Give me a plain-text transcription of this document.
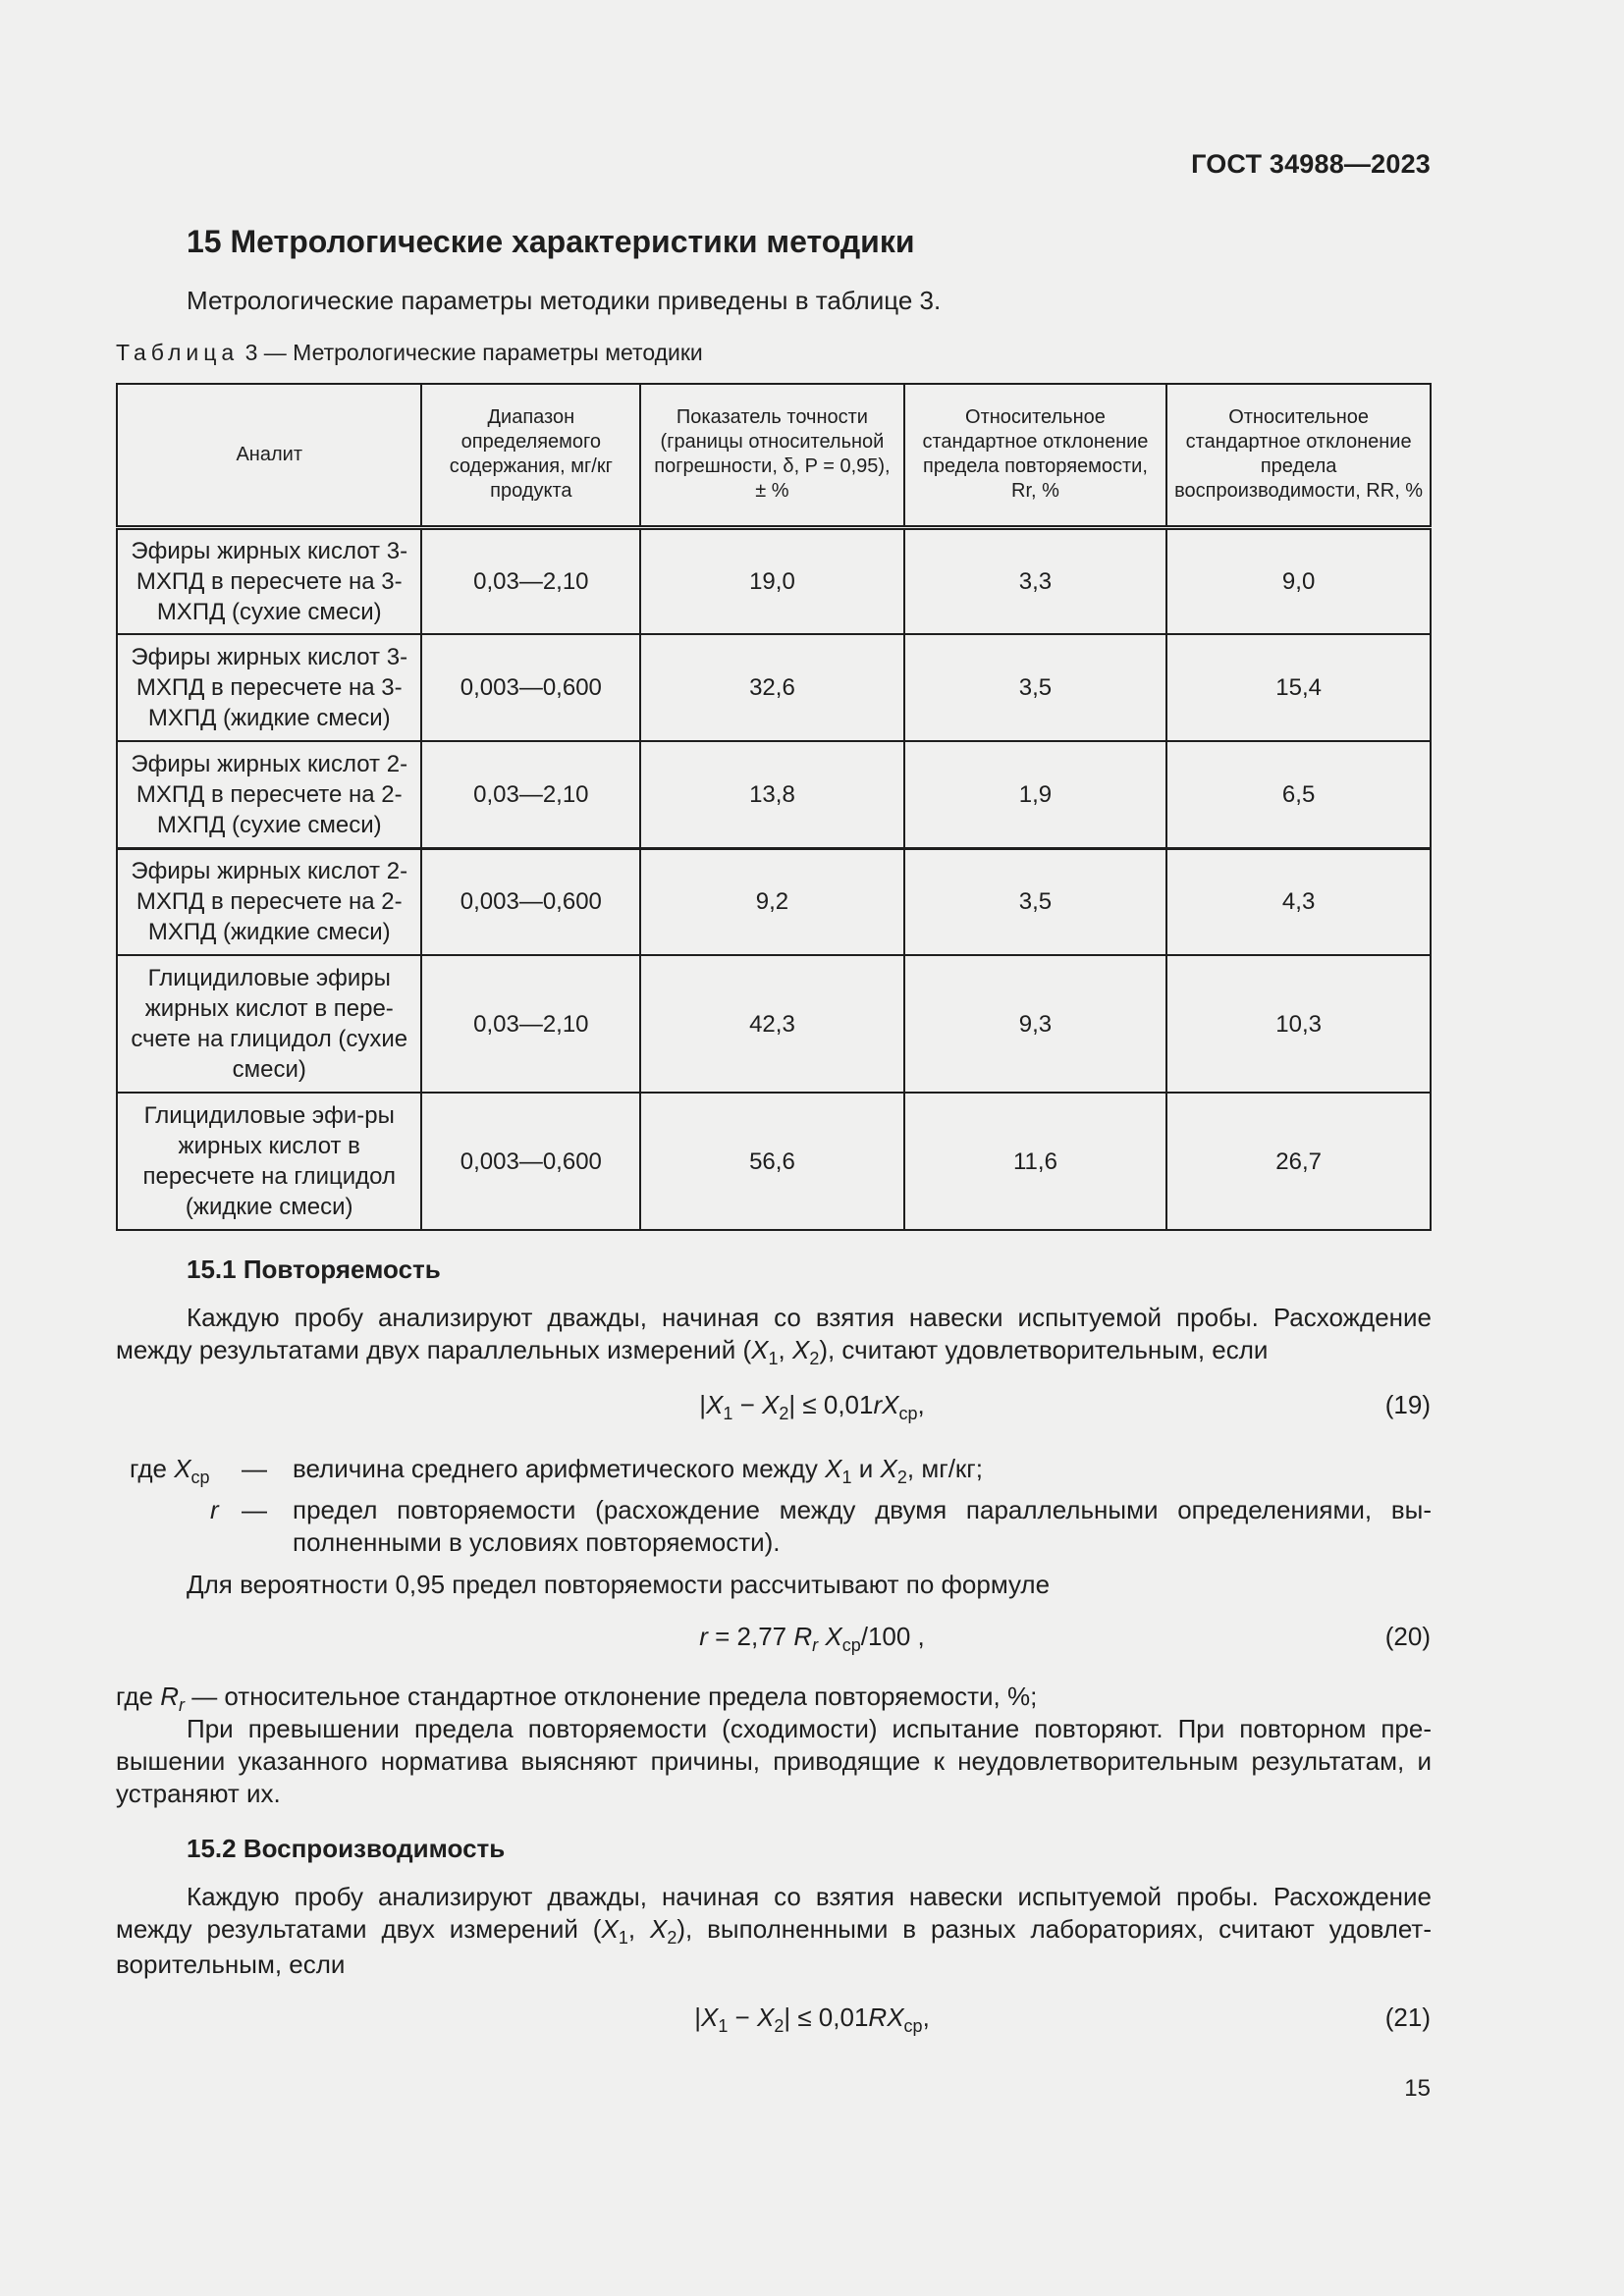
ГОСТ 34988—2023
15 Метрологические характеристики методики
Метрологические параметры методики приведены в таблице 3.
Таблица 3 — Метрологические параметры методики
Аналит	Диапазон определяемого содержания, мг/кг продукта	Показатель точности (границы относительной погрешности, δ, P = 0,95), ± %	Относительное стандартное отклонение предела повторяемости, Rr, %	Относительное стандартное отклонение предела воспроизводимости, RR, %
Эфиры жирных кислот 3-МХПД в пересчете на 3-МХПД (сухие смеси)	0,03—2,10	19,0	3,3	9,0
Эфиры жирных кислот 3-МХПД в пересчете на 3-МХПД (жидкие смеси)	0,003—0,600	32,6	3,5	15,4
Эфиры жирных кислот 2-МХПД в пересчете на 2-МХПД (сухие смеси)	0,03—2,10	13,8	1,9	6,5
Эфиры жирных кислот 2-МХПД в пересчете на 2-МХПД (жидкие смеси)	0,003—0,600	9,2	3,5	4,3
Глицидиловые эфиры жирных кислот в пере-счете на глицидол (сухие смеси)	0,03—2,10	42,3	9,3	10,3
Глицидиловые эфи-ры жирных кислот в пересчете на глицидол (жидкие смеси)	0,003—0,600	56,6	11,6	26,7
15.1 Повторяемость
Каждую пробу анализируют дважды, начиная со взятия навески испытуемой пробы. Расхождение между результатами двух параллельных измерений ($X_1$, $X_2$), считают удовлетворительным, если
$|X_1 - X_2| \le 0,01rX_{ср}$,	(19)
где $X_{ср}$ — величина среднего арифметического между $X_1$ и $X_2$, мг/кг;
r — предел повторяемости (расхождение между двумя параллельными определениями, вы-полненными в условиях повторяемости).
Для вероятности 0,95 предел повторяемости рассчитывают по формуле
r = 2,77 $R_r$ $X_{ср}/100$ ,	(20)
где $R_r$ — относительное стандартное отклонение предела повторяемости, %;
При превышении предела повторяемости (сходимости) испытание повторяют. При повторном пре-вышении указанного норматива выясняют причины, приводящие к неудовлетворительным результатам, и устраняют их.
15.2 Воспроизводимость
Каждую пробу анализируют дважды, начиная со взятия навески испытуемой пробы. Расхождение между результатами двух измерений ($X_1$, $X_2$), выполненными в разных лабораториях, считают удовлет-ворительным, если
$|X_1 - X_2| \le 0,01RX_{ср}$,	(21)
15
